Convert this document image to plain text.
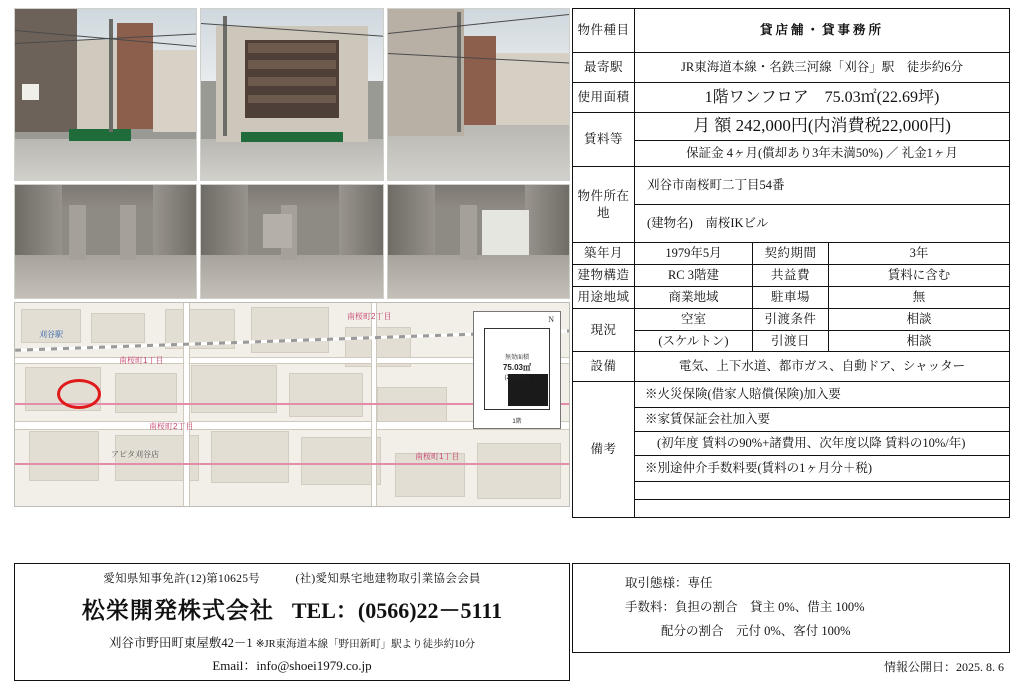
南桜町2丁目
南桜町1丁目
南桜町2丁目
南桜町1丁目
アピタ刈谷店
刈谷駅
N
無効面積
75.03㎡
(22.69坪)
1階
物件種目	貸店舗・貸事務所		
最寄駅	JR東海道本線・名鉄三河線「刈谷」駅　徒歩約6分		
使用面積	1階ワンフロア　75.03㎡(22.69坪)		
賃料等	月 額 242,000円(内消費税22,000円)		
	保証金 4ヶ月(償却あり3年未満50%) ／ 礼金1ヶ月		
物件所在地	刈谷市南桜町二丁目54番		
	(建物名)　南桜IKビル		
築年月	1979年5月	契約期間	3年
建物構造	RC 3階建	共益費	賃料に含む
用途地域	商業地域	駐車場	無
現況	空室	引渡条件	相談
	(スケルトン)	引渡日	相談
設備	電気、上下水道、都市ガス、自動ドア、シャッター		
備考	※火災保険(借家人賠償保険)加入要		
	※家賃保証会社加入要		
	(初年度 賃料の90%+諸費用、次年度以降 賃料の10%/年)		
	※別途仲介手数料要(賃料の1ヶ月分＋税)		

愛知県知事免許(12)第10625号　　　(社)愛知県宅地建物取引業協会会員
松栄開発株式会社 TEL：(0566)22－5111
刈谷市野田町東屋敷42－1 ※JR東海道本線「野田新町」駅より徒歩約10分
Email：info@shoei1979.co.jp
取引態様：専任
手数料：負担の割合　貸主 0%、借主 100%
配分の割合　元付 0%、客付 100%
情報公開日：2025. 8. 6
